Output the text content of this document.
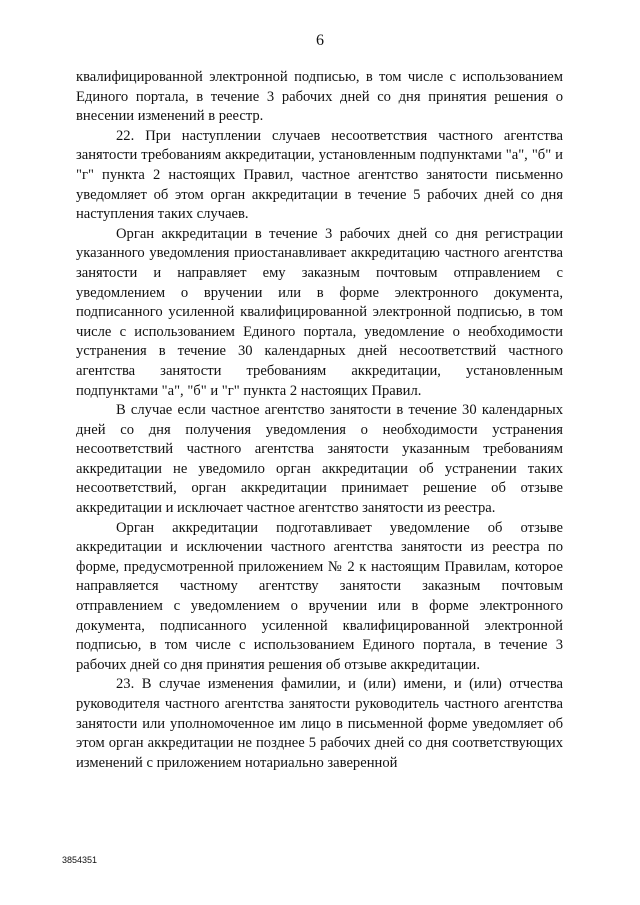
6

квалифицированной электронной подписью, в том числе с использованием Единого портала, в течение 3 рабочих дней со дня принятия решения о внесении изменений в реестр.

22. При наступлении случаев несоответствия частного агентства занятости требованиям аккредитации, установленным подпунктами "а", "б" и "г" пункта 2 настоящих Правил, частное агентство занятости письменно уведомляет об этом орган аккредитации в течение 5 рабочих дней со дня наступления таких случаев.

Орган аккредитации в течение 3 рабочих дней со дня регистрации указанного уведомления приостанавливает аккредитацию частного агентства занятости и направляет ему заказным почтовым отправлением с уведомлением о вручении или в форме электронного документа, подписанного усиленной квалифицированной электронной подписью, в том числе с использованием Единого портала, уведомление о необходимости устранения в течение 30 календарных дней несоответствий частного агентства занятости требованиям аккредитации, установленным подпунктами "а", "б" и "г" пункта 2 настоящих Правил.

В случае если частное агентство занятости в течение 30 календарных дней со дня получения уведомления о необходимости устранения несоответствий частного агентства занятости указанным требованиям аккредитации не уведомило орган аккредитации об устранении таких несоответствий, орган аккредитации принимает решение об отзыве аккредитации и исключает частное агентство занятости из реестра.

Орган аккредитации подготавливает уведомление об отзыве аккредитации и исключении частного агентства занятости из реестра по форме, предусмотренной приложением № 2 к настоящим Правилам, которое направляется частному агентству занятости заказным почтовым отправлением с уведомлением о вручении или в форме электронного документа, подписанного усиленной квалифицированной электронной подписью, в том числе с использованием Единого портала, в течение 3 рабочих дней со дня принятия решения об отзыве аккредитации.

23. В случае изменения фамилии, и (или) имени, и (или) отчества руководителя частного агентства занятости руководитель частного агентства занятости или уполномоченное им лицо в письменной форме уведомляет об этом орган аккредитации не позднее 5 рабочих дней со дня соответствующих изменений с приложением нотариально заверенной

3854351
